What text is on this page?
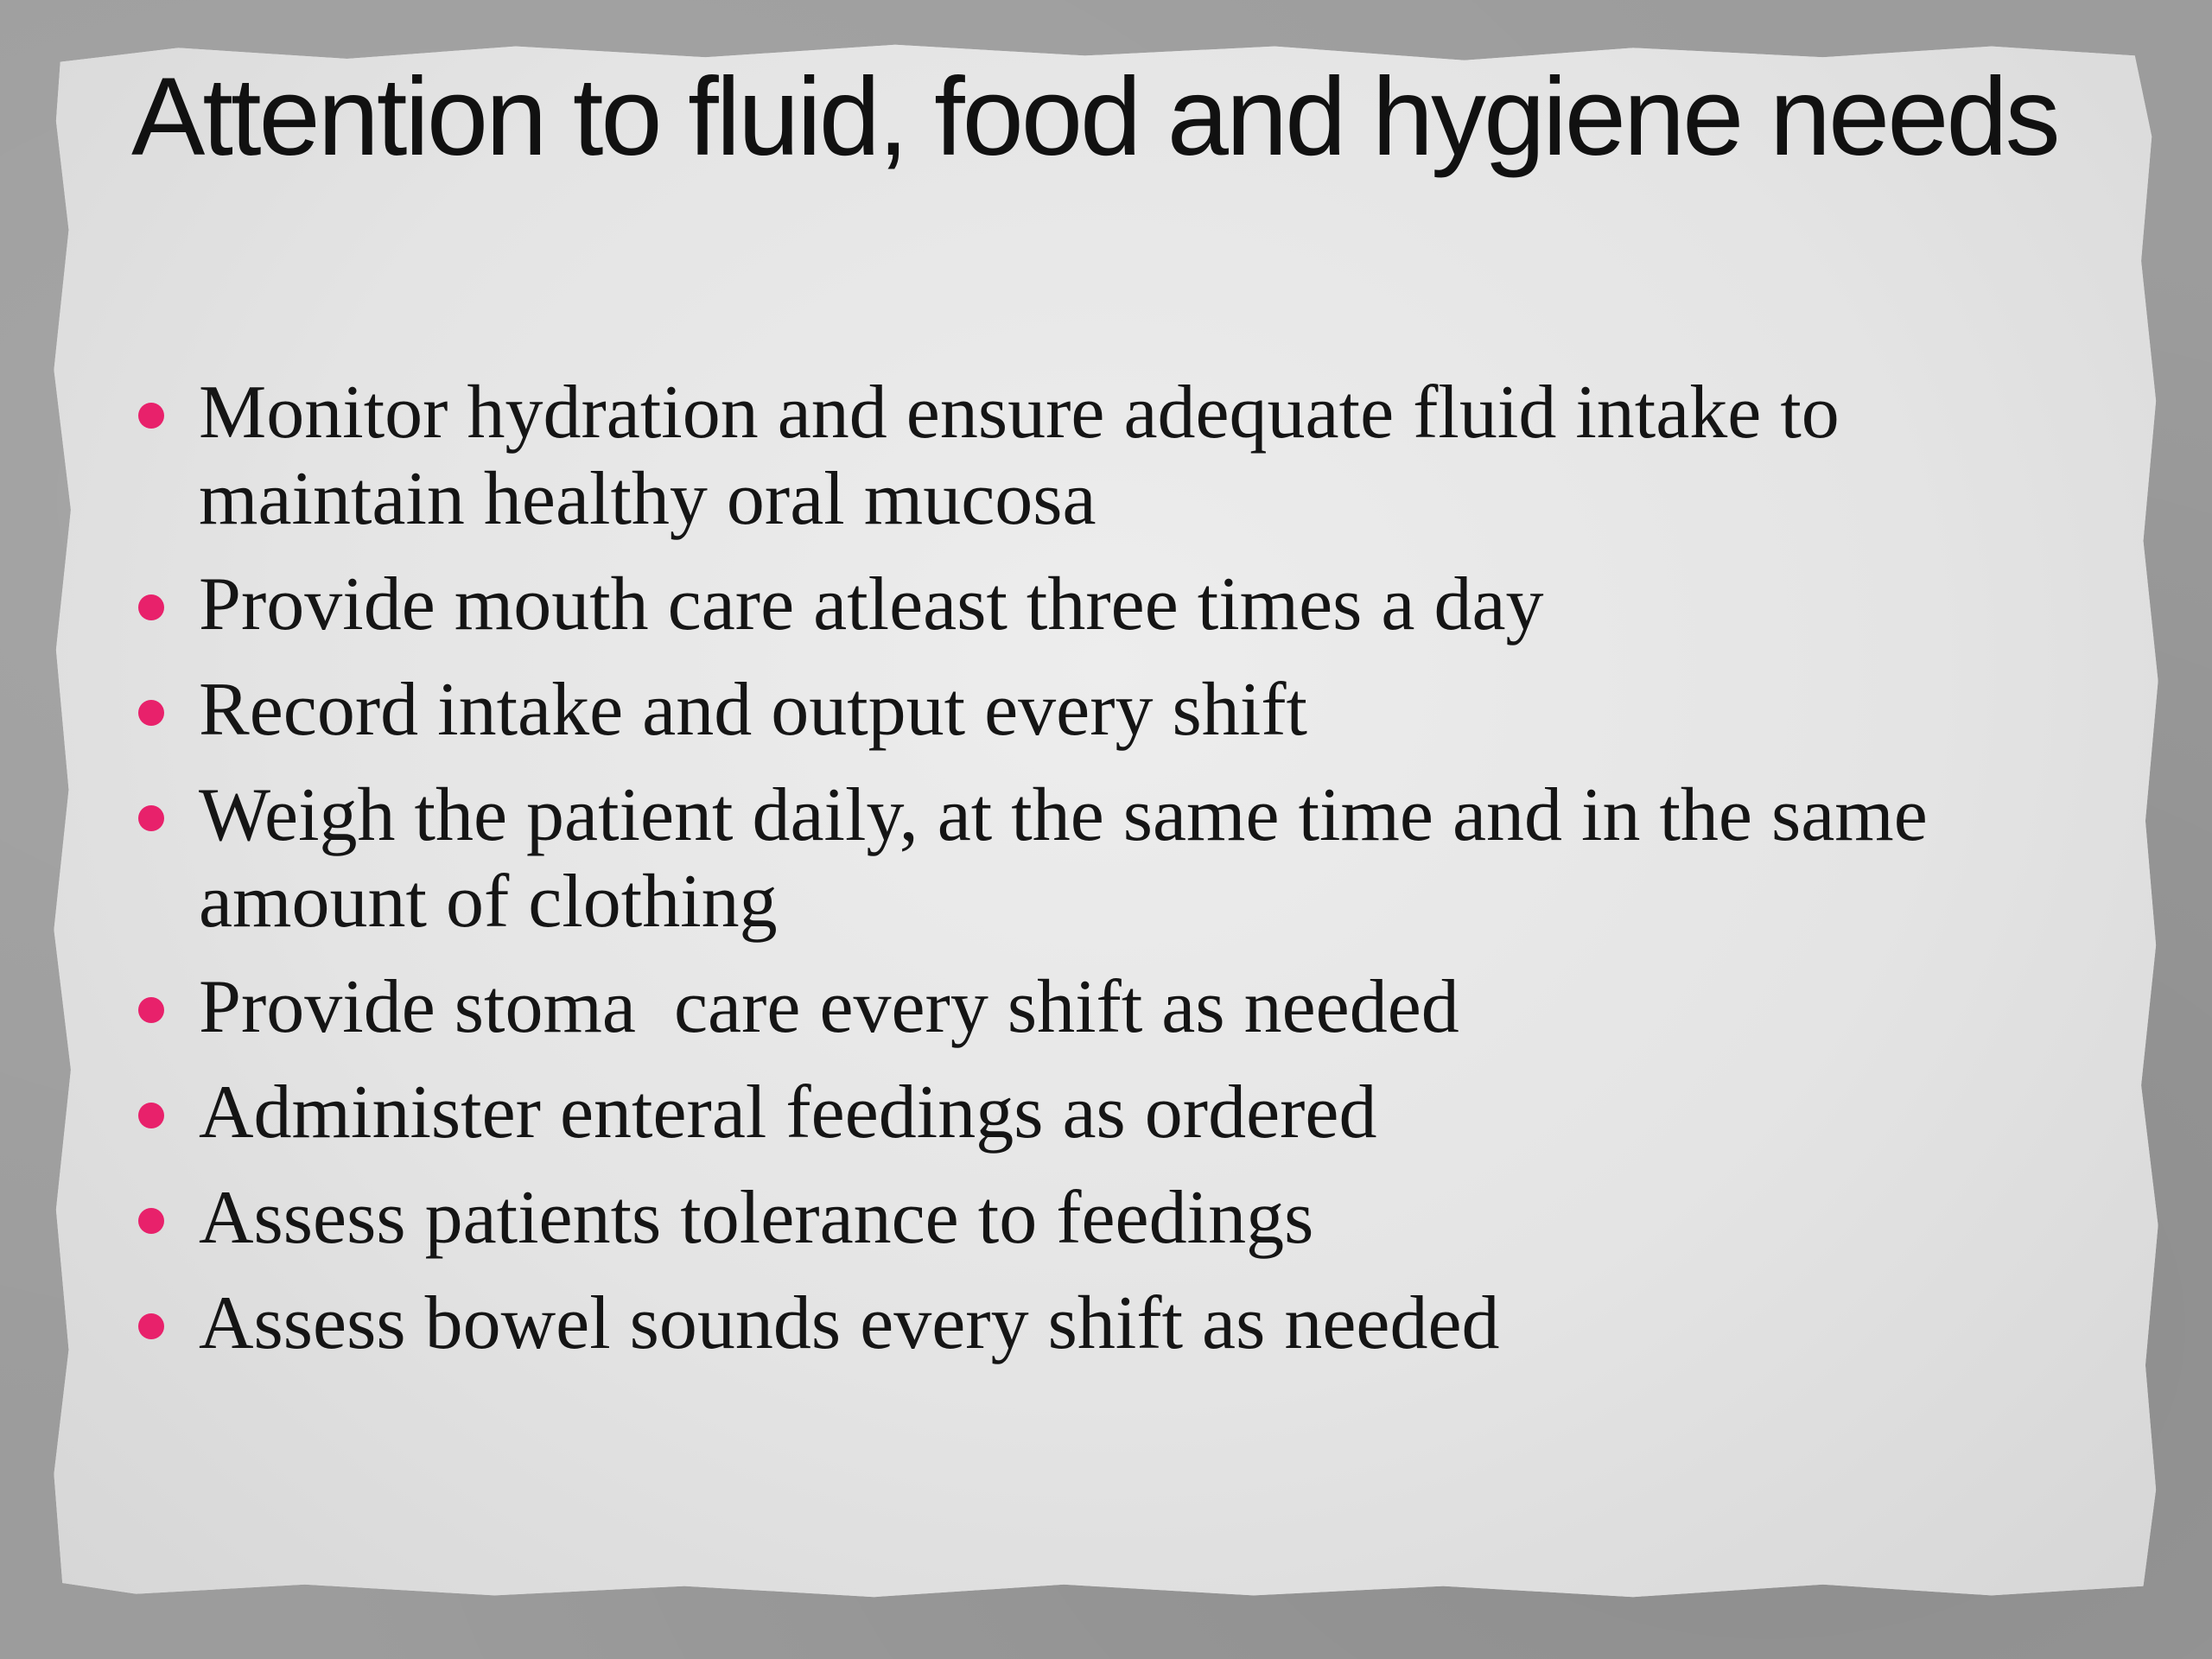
Attention to fluid, food and hygiene needs
Monitor hydration and ensure adequate fluid intake to maintain healthy oral mucosa
Provide mouth care atleast three times a day
Record intake and output every shift
Weigh the patient daily, at the same time and in the same amount of clothing
Provide stoma  care every shift as needed
Administer enteral feedings as ordered
Assess patients tolerance to feedings
Assess bowel sounds every shift as needed
